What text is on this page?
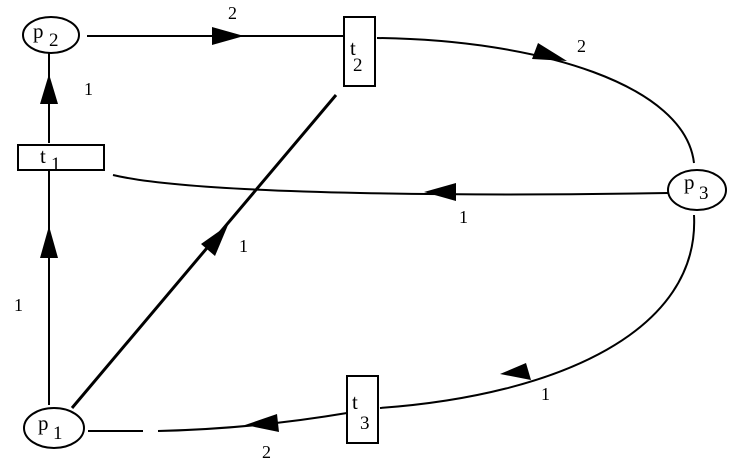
p 2
p 1
p 3
t 1
t
2
t
3
1
1
2
2
1
1
1
2
